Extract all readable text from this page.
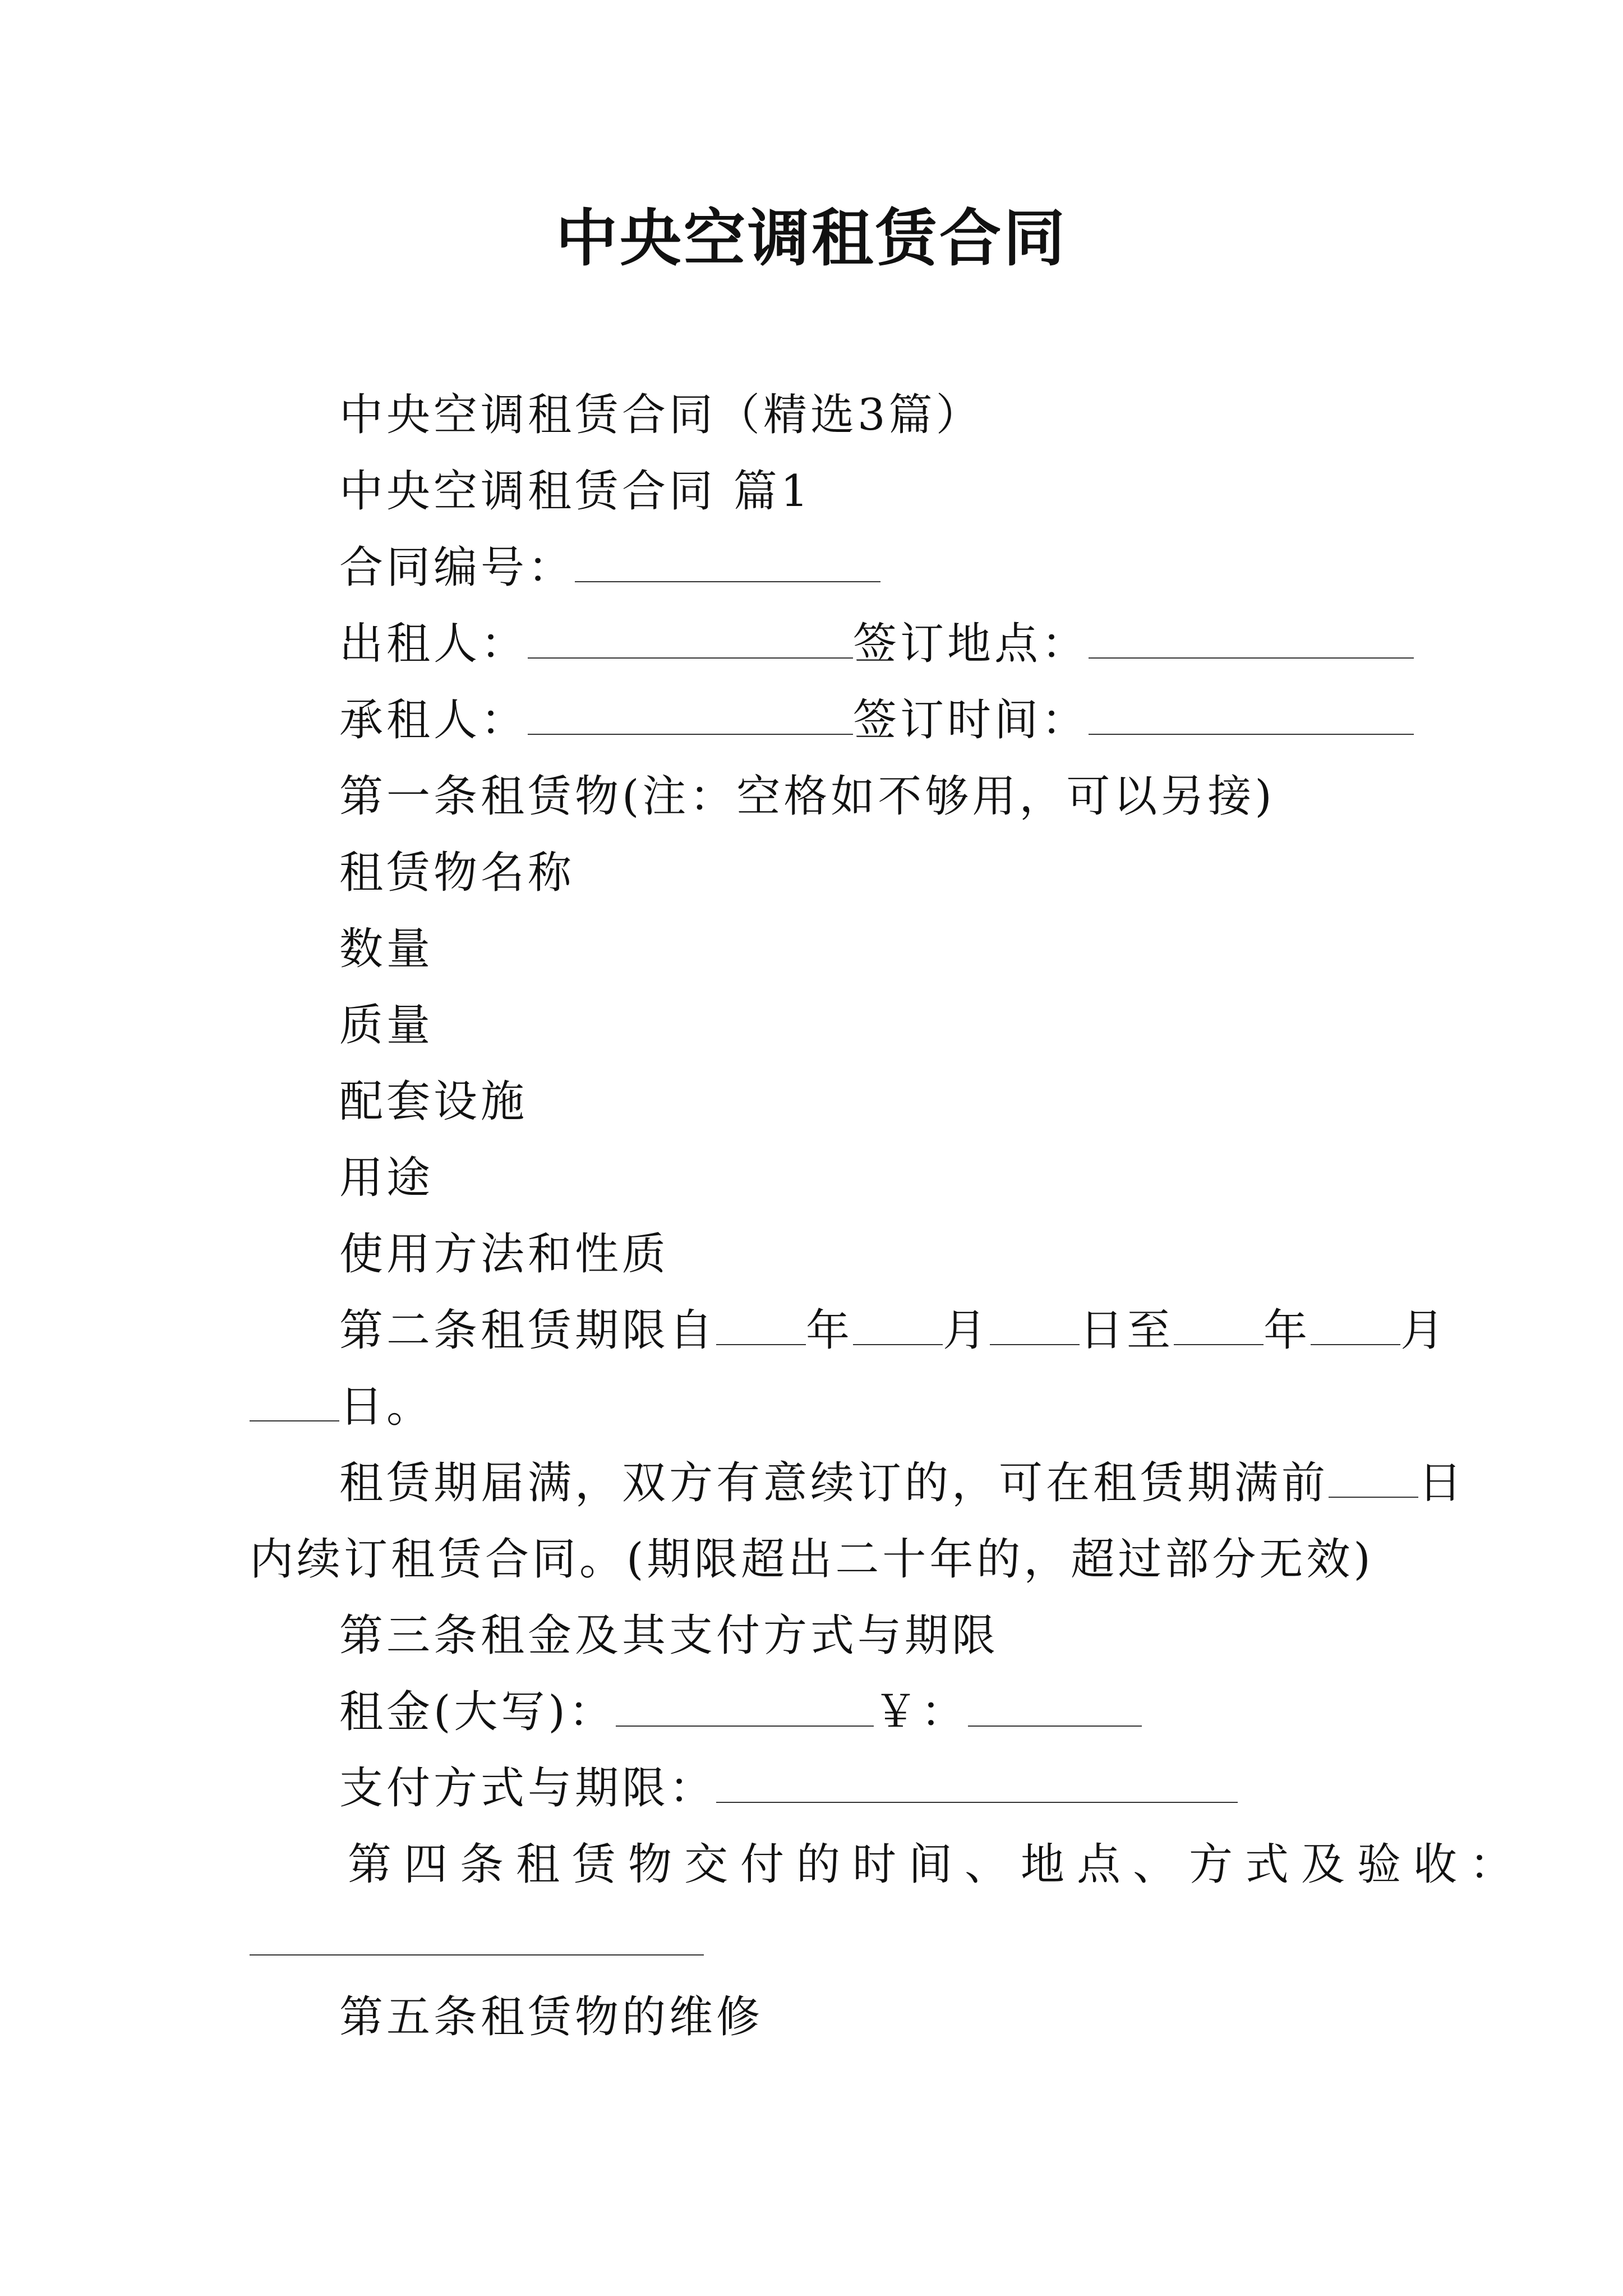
中央空调租赁合同
中央空调租赁合同（精选3篇）
中央空调租赁合同 篇1
合同编号：
出租人：	签订地点：
承租人：	签订时间：
第一条租赁物(注：空格如不够用，可以另接)
租赁物名称
数量
质量
配套设施
用途
使用方法和性质
第二条租赁期限自 年 月 日至 年 月
日。
租赁期届满，双方有意续订的，可在租赁期满前 日
内续订租赁合同。(期限超出二十年的，超过部分无效)
第三条租金及其支付方式与期限
租金(大写)：	￥：
支付方式与期限：
第四条租赁物交付的时间、地点、方式及验收：
第五条租赁物的维修
